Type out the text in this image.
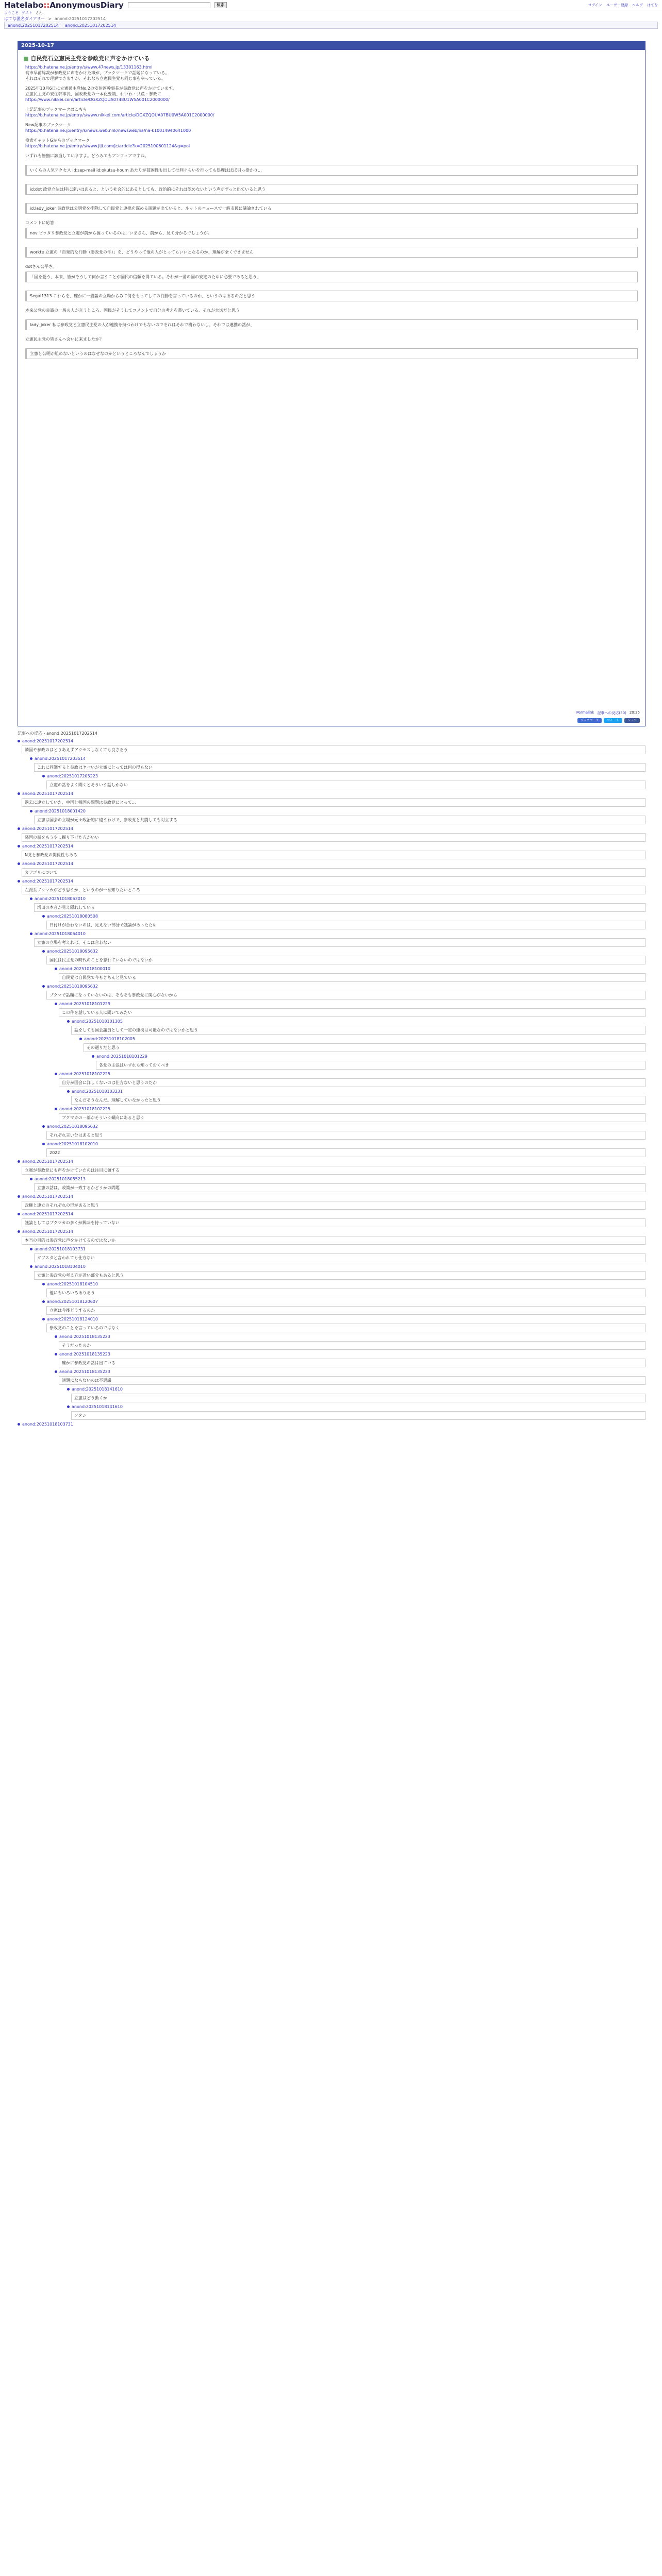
Hatelabo::AnonymousDiary	検索	ログイン ユーザー登録 ヘルプ はてな
ようこそ ゲスト さん
はてな匿名ダイアリー > anond:20251017202514
anond:20251017202514 anond:20251017202514
2025-10-17
■ 自民党石立憲民主党を参政党に声をかけている

https://b.hatena.ne.jp/entry/s/www.47news.jp/13301163.html

高市早苗総裁が参政党に声をかけた事が、ブックマークで話題になっている。

それはそれで理解できますが、それなら立憲民主党も同じ事をやっている。

2025年10月6日に立憲民主党No.2の安住淳幹事長が参政党に声をかけています。

立憲民主党の安住幹事長、国政政党の一本化要請、れいわ・共産・参政に

https://www.nikkei.com/article/DGXZQOUA0748U1W5A001C2000000/

上記記事のブックマークはこちら

https://b.hatena.ne.jp/entry/s/www.nikkei.com/article/DGXZQOUA07BU0W5A001C2000000/

New記事のブックマーク

https://b.hatena.ne.jp/entry/s/news.web.nhk/newsweb/na/na-k10014940641000

検索チャットGからのブックマーク

https://b.hatena.ne.jp/entry/s/www.jiji.com/jc/article?k=2025100601124&g=pol

いずれも皆無に該当していますよ。どうみてもアンフェアですね。

いくらの人気アクセス id:sep-mail id:okutsu-houm あたりが貧困性も出して批判ぐらいを行っても処理はほぼ引っ掛かり...
id:dot 政党立法は特に達いはあると、という社会的にあるとしても、政治的にそれは認めないという声がずっと出ていると思う
id:lady_joker 参政党は公明党を排除して自民党と連携を深める話題が出ていると、ネットのニュースで一般市民に議論されている

コメントに応答

nov ピッタリ参政党と立憲が前から握っているのは、いまさら、前から、見て分かるでしょうが。
workte 立憲の「自発的な行動（参政党の件）」を、どうやって他の人がとってもいいとなるのか、理解が全くできません

dotさん公平さ。

「国を憂う、本来、皆がそうして何か言うことが国民の信頼を得ている。それが一番の国の安定のために必要であると思う」
Segal1313 これらを、確かに一般論の立場からみて何をもってしての行動を言っているのか、というのはあるのだと思う

本来公党の良識の一般の人が言うところ、国民がそうしてコメントで自分の考えを書いている、それが大切だと思う

lady_joker 私は参政党と立憲民主党の人が連携を持つわけでもないのでそれはそれで構わないし、それでは連携の話が、

立憲民主党の皆さんへ会いに来ましたか？

立憲と公明が組めないというのはなぜなのかというところなんでしょうか
Permalink 記事への反応(30) 20:25
ブックマーク	ツイート	シェア
記事への反応 - anond:20251017202514
anond:20251017202514
隣国や参政のはとりあえずアクセスしなくても良さそう
anond:20251017203514
これに同調すると参政はヤバいが立憲にとっては何の得もない
anond:20251017205223
立憲の話をよく聞くとそういう話しかない
anond:20251017202514
過去に連立していた、中国と韓国の問題は参政党にとって...
anond:20251018001420
立憲は国会の立場が元々政治的に違うわけで、参政党と共闘しても対立する
anond:20251017202514
隣国の話をもう少し掘り下げた方がいい
anond:20251017202514
N党と参政党の関係性もある
anond:20251017202514
カテゴリについて
anond:20251017202514
左派系ブクマカがどう思うか、というのが一番知りたいところ
anond:20251018063010
増田の本音が見え隠れしている
anond:20251018080508
日付けが合わないのは、見えない部分で議論があったため
anond:20251018064010
立憲の立場を考えれば、そこは合わない
anond:20251018095632
国民は民主党の時代のことを忘れていないのではないか
anond:20251018100010
自民党は自民党で今もきちんと見ている
anond:20251018095632
ブクマで話題になっていないのは、そもそも参政党に関心がないから
anond:20251018101229
この件を話している人に聞いてみたい
anond:20251018101305
話をしても国会議員として一定の連携は可能なのではないかと思う
anond:20251018102005
その通りだと思う
anond:20251018101229
各党の主張はいずれも知っておくべき
anond:20251018102225
自分が国会に詳しくないのは仕方ないと思うのだが
anond:20251018103231
なんだそうなんだ。理解していなかったと思う
anond:20251018102225
ブクマカの一部がそういう傾向にあると思う
anond:20251018095632
それぞれ言い分はあると思う
anond:20251018102010
2022
anond:20251017202514
立憲が参政党にも声をかけていたのは注目に値する
anond:20251018085213
立憲の話は、政策が一致するかどうかの問題
anond:20251017202514
政権と連立のそれぞれの形があると思う
anond:20251017202514
議論としてはブクマカの多くが興味を持っていない
anond:20251017202514
本当の目的は参政党に声をかけてるのではないか
anond:20251018103731
ダブスタと言われても仕方ない
anond:20251018104010
立憲と参政党の考え方が近い部分もあると思う
anond:20251018104510
他にもいろいろありそう
anond:20251018120607
立憲は今後どうするのか
anond:20251018124010
参政党のことを言っているのではなく
anond:20251018135223
そうだったのか
anond:20251018135223
確かに参政党の話は出ている
anond:20251018135223
話題にならないのは不思議
anond:20251018141610
立憲はどう動くか
anond:20251018141610
アタシ
anond:20251018103731
